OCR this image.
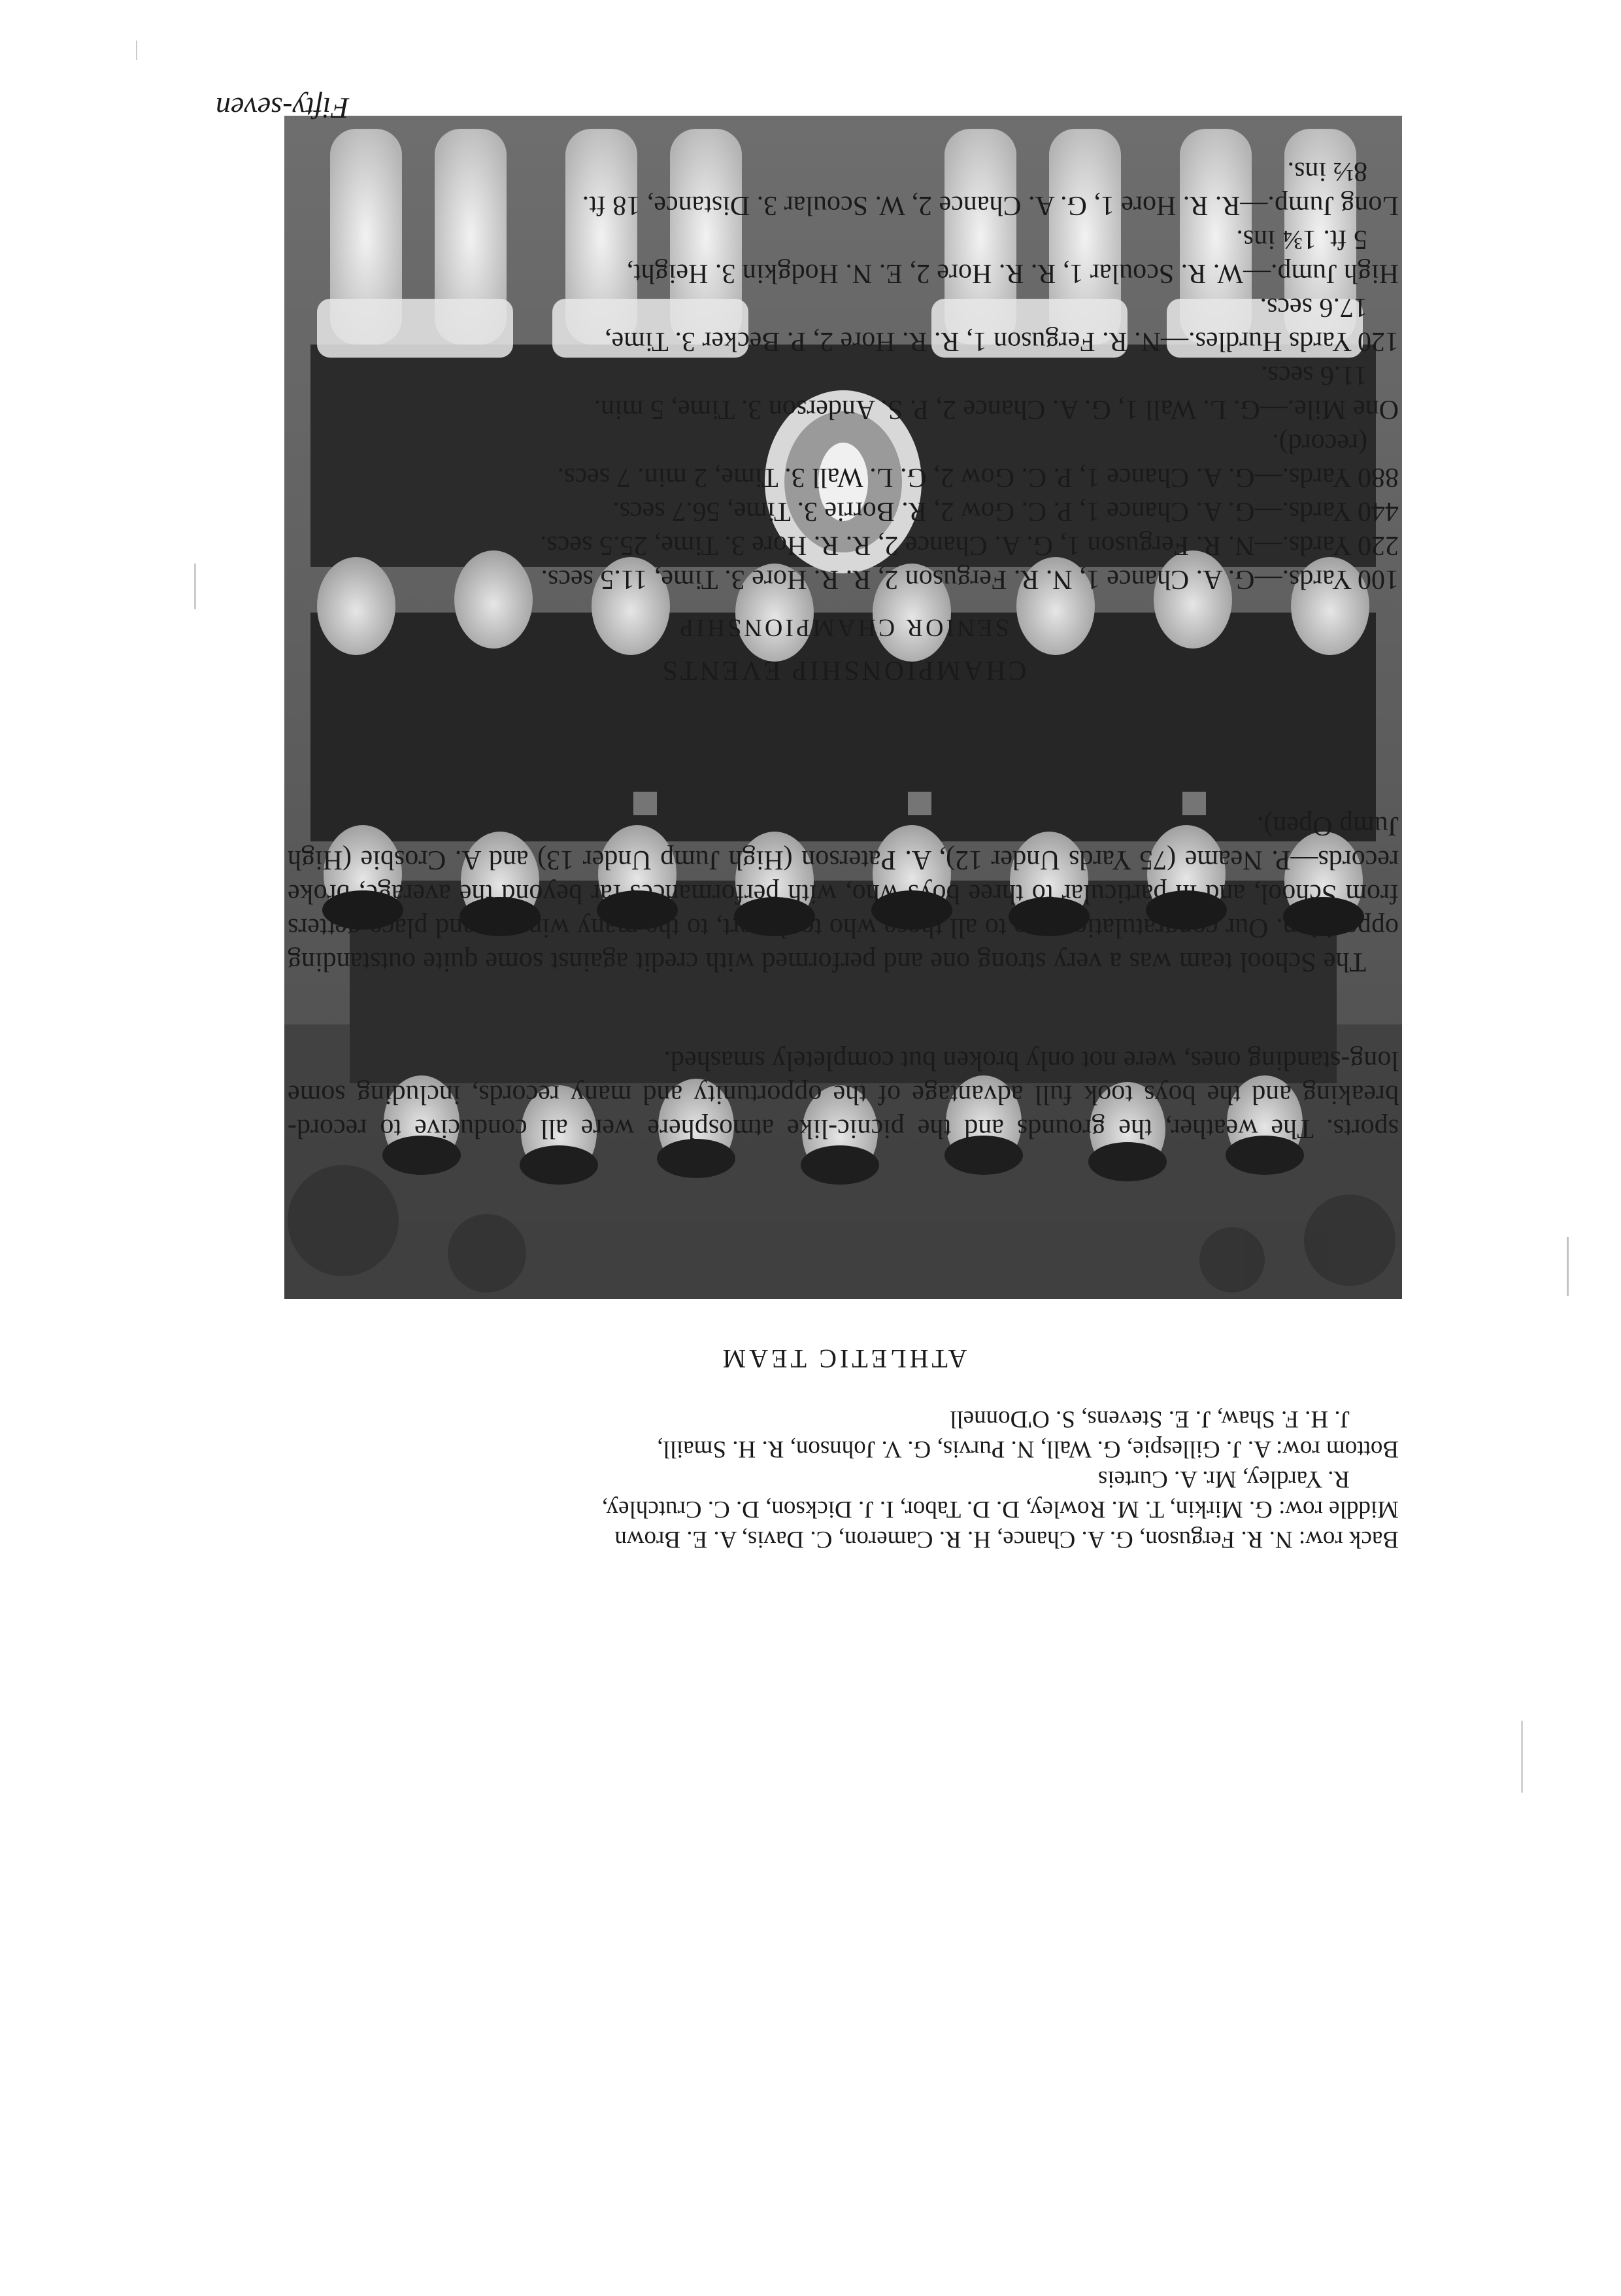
Fifty-seven
ATHLETIC TEAM
Back row: N. R. Ferguson, G. A. Chance, H. R. Cameron, C. Davis, A. E. Brown
Middle row: G. Mirkin, T. M. Rowley, D. D. Tabor, I. J. Dickson, D. C. Crutchley,
R. Yardley, Mr. A. Curteis
Bottom row: A. J. Gillespie, G. Wall, N. Purvis, G. V. Johnson, R. H. Smaill,
J. H. F. Shaw, J. E. Stevens, S. O'Donnell

sports. The weather, the grounds and the picnic-like atmosphere were all conducive to record-breaking and the boys took full advantage of the opportunity and many records, including some long-standing ones, were not only broken but completely smashed.

The School team was a very strong one and performed with credit against some quite outstanding opposition. Our congratulations go to all those who took part, to the many winners and place-getters from School, and in particular to three boys who, with performances far beyond the average, broke records—P. Neame (75 Yards Under 12), A. Paterson (High Jump Under 13) and A. Crosbie (High Jump Open).

CHAMPIONSHIP EVENTS
SENIOR CHAMPIONSHIP
100 Yards.—G. A. Chance 1, N. R. Ferguson 2, R. R. Hore 3. Time, 11.5 secs.
220 Yards.—N. R. Ferguson 1, G. A. Chance 2, R. R. Hore 3. Time, 25.5 secs.
440 Yards.—G. A. Chance 1, P. C. Gow 2, R. Borrie 3. Time, 56.7 secs.
880 Yards.—G. A. Chance 1, P. C. Gow 2, G. L. Wall 3. Time, 2 min. 7 secs.
(record).
One Mile.—G. L. Wall 1, G. A. Chance 2, P. S. Anderson 3. Time, 5 min.
11.6 secs.
120 Yards Hurdles.—N. R. Ferguson 1, R. R. Hore 2, P. Becker 3. Time,
17.6 secs.
High Jump.—W. R. Scoular 1, R. R. Hore 2, E. N. Hodgkin 3. Height,
5 ft. 1¾ ins.
Long Jump.—R. R. Hore 1, G. A. Chance 2, W. Scoular 3. Distance, 18 ft.
8½ ins.
